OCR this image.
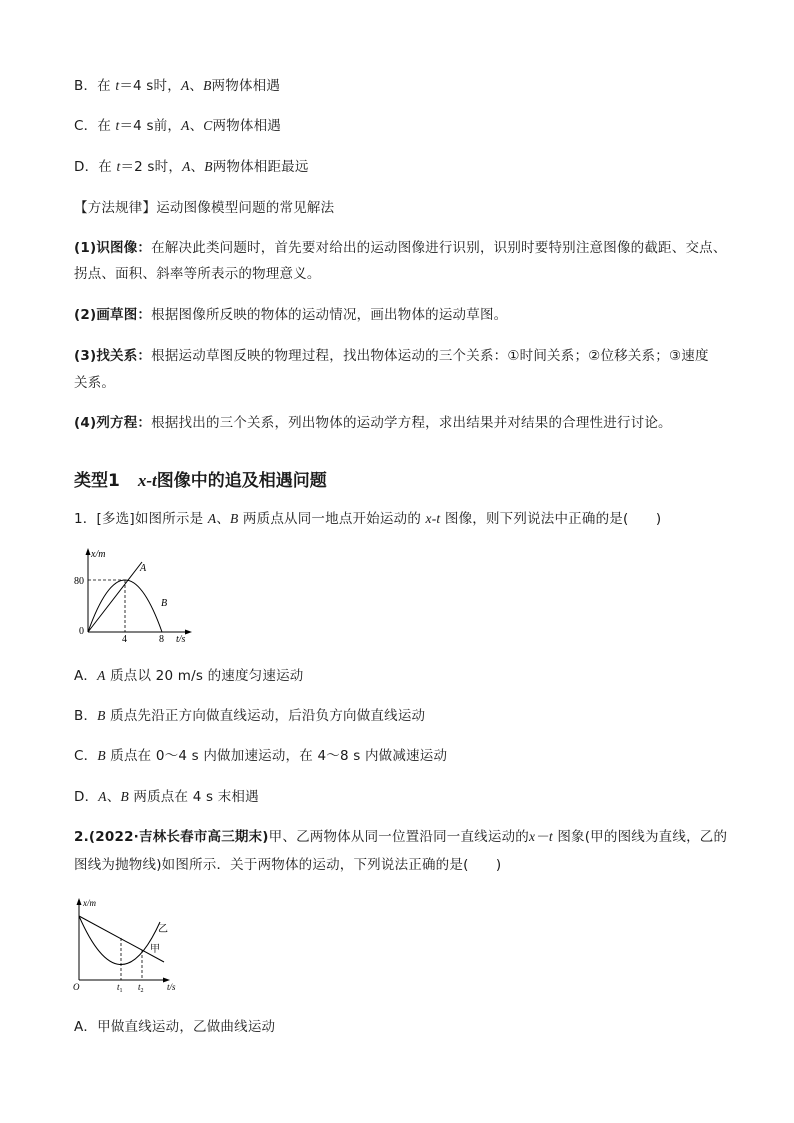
B．在 t＝4 s时，A、B两物体相遇
C．在 t＝4 s前，A、C两物体相遇
D．在 t＝2 s时，A、B两物体相距最远
【方法规律】运动图像模型问题的常见解法
(1)识图像：在解决此类问题时，首先要对给出的运动图像进行识别，识别时要特别注意图像的截距、交点、
拐点、面积、斜率等所表示的物理意义。
(2)画草图：根据图像所反映的物体的运动情况，画出物体的运动草图。
(3)找关系：根据运动草图反映的物理过程，找出物体运动的三个关系：①时间关系；②位移关系；③速度
关系。
(4)列方程：根据找出的三个关系，列出物体的运动学方程，求出结果并对结果的合理性进行讨论。
类型1 x-t图像中的追及相遇问题
1．[多选]如图所示是 A、B 两质点从同一地点开始运动的 x-t 图像，则下列说法中正确的是(　　)
x/m
80
0
4	8 t/s
A
B
A．A 质点以 20 m/s 的速度匀速运动
B．B 质点先沿正方向做直线运动，后沿负方向做直线运动
C．B 质点在 0～4 s 内做加速运动，在 4～8 s 内做减速运动
D．A、B 两质点在 4 s 末相遇
2.(2022·吉林长春市高三期末)甲、乙两物体从同一位置沿同一直线运动的x－t 图象(甲的图线为直线，乙的
图线为抛物线)如图所示．关于两物体的运动，下列说法正确的是(　　)
x/m
O	$t_1$ $t_2$	t/s
乙
甲
A．甲做直线运动，乙做曲线运动
